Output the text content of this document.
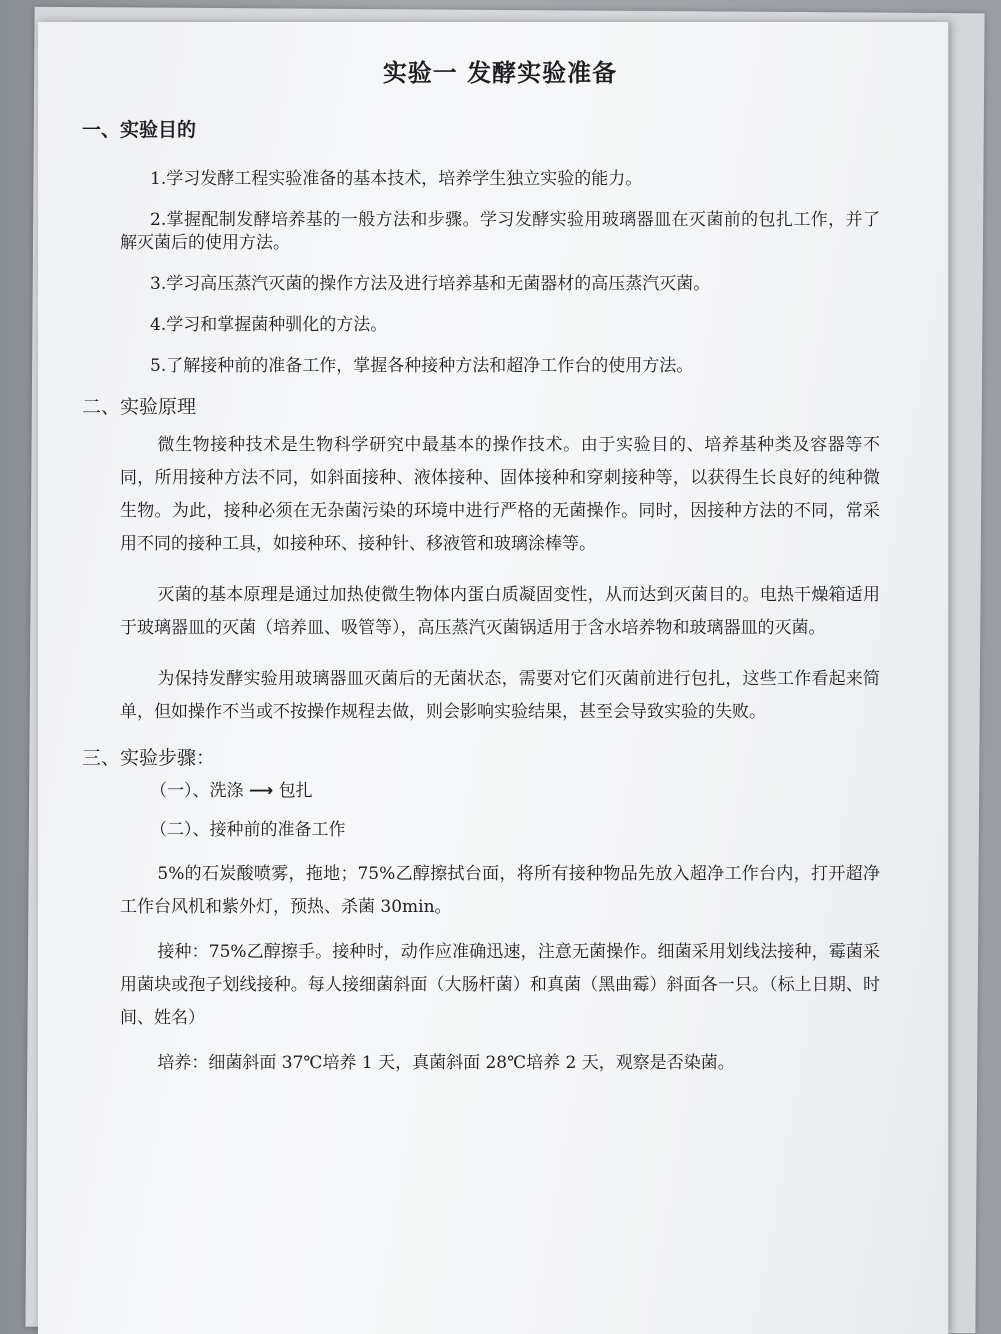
实验一 发酵实验准备
一、实验目的

1.学习发酵工程实验准备的基本技术，培养学生独立实验的能力。

2.掌握配制发酵培养基的一般方法和步骤。学习发酵实验用玻璃器皿在灭菌前的包扎工作，并了解灭菌后的使用方法。

3.学习高压蒸汽灭菌的操作方法及进行培养基和无菌器材的高压蒸汽灭菌。

4.学习和掌握菌种驯化的方法。

5.了解接种前的准备工作，掌握各种接种方法和超净工作台的使用方法。

二、实验原理

微生物接种技术是生物科学研究中最基本的操作技术。由于实验目的、培养基种类及容器等不同，所用接种方法不同，如斜面接种、液体接种、固体接种和穿刺接种等，以获得生长良好的纯种微生物。为此，接种必须在无杂菌污染的环境中进行严格的无菌操作。同时，因接种方法的不同，常采用不同的接种工具，如接种环、接种针、移液管和玻璃涂棒等。

灭菌的基本原理是通过加热使微生物体内蛋白质凝固变性，从而达到灭菌目的。电热干燥箱适用于玻璃器皿的灭菌（培养皿、吸管等），高压蒸汽灭菌锅适用于含水培养物和玻璃器皿的灭菌。

为保持发酵实验用玻璃器皿灭菌后的无菌状态，需要对它们灭菌前进行包扎，这些工作看起来简单，但如操作不当或不按操作规程去做，则会影响实验结果，甚至会导致实验的失败。

三、实验步骤：
（一）、洗涤 ⟶ 包扎
（二）、接种前的准备工作

5%的石炭酸喷雾，拖地；75%乙醇擦拭台面，将所有接种物品先放入超净工作台内，打开超净工作台风机和紫外灯，预热、杀菌 30min。

接种：75%乙醇擦手。接种时，动作应准确迅速，注意无菌操作。细菌采用划线法接种，霉菌采用菌块或孢子划线接种。每人接细菌斜面（大肠杆菌）和真菌（黑曲霉）斜面各一只。（标上日期、时间、姓名）

培养：细菌斜面 37℃培养 1 天，真菌斜面 28℃培养 2 天，观察是否染菌。
